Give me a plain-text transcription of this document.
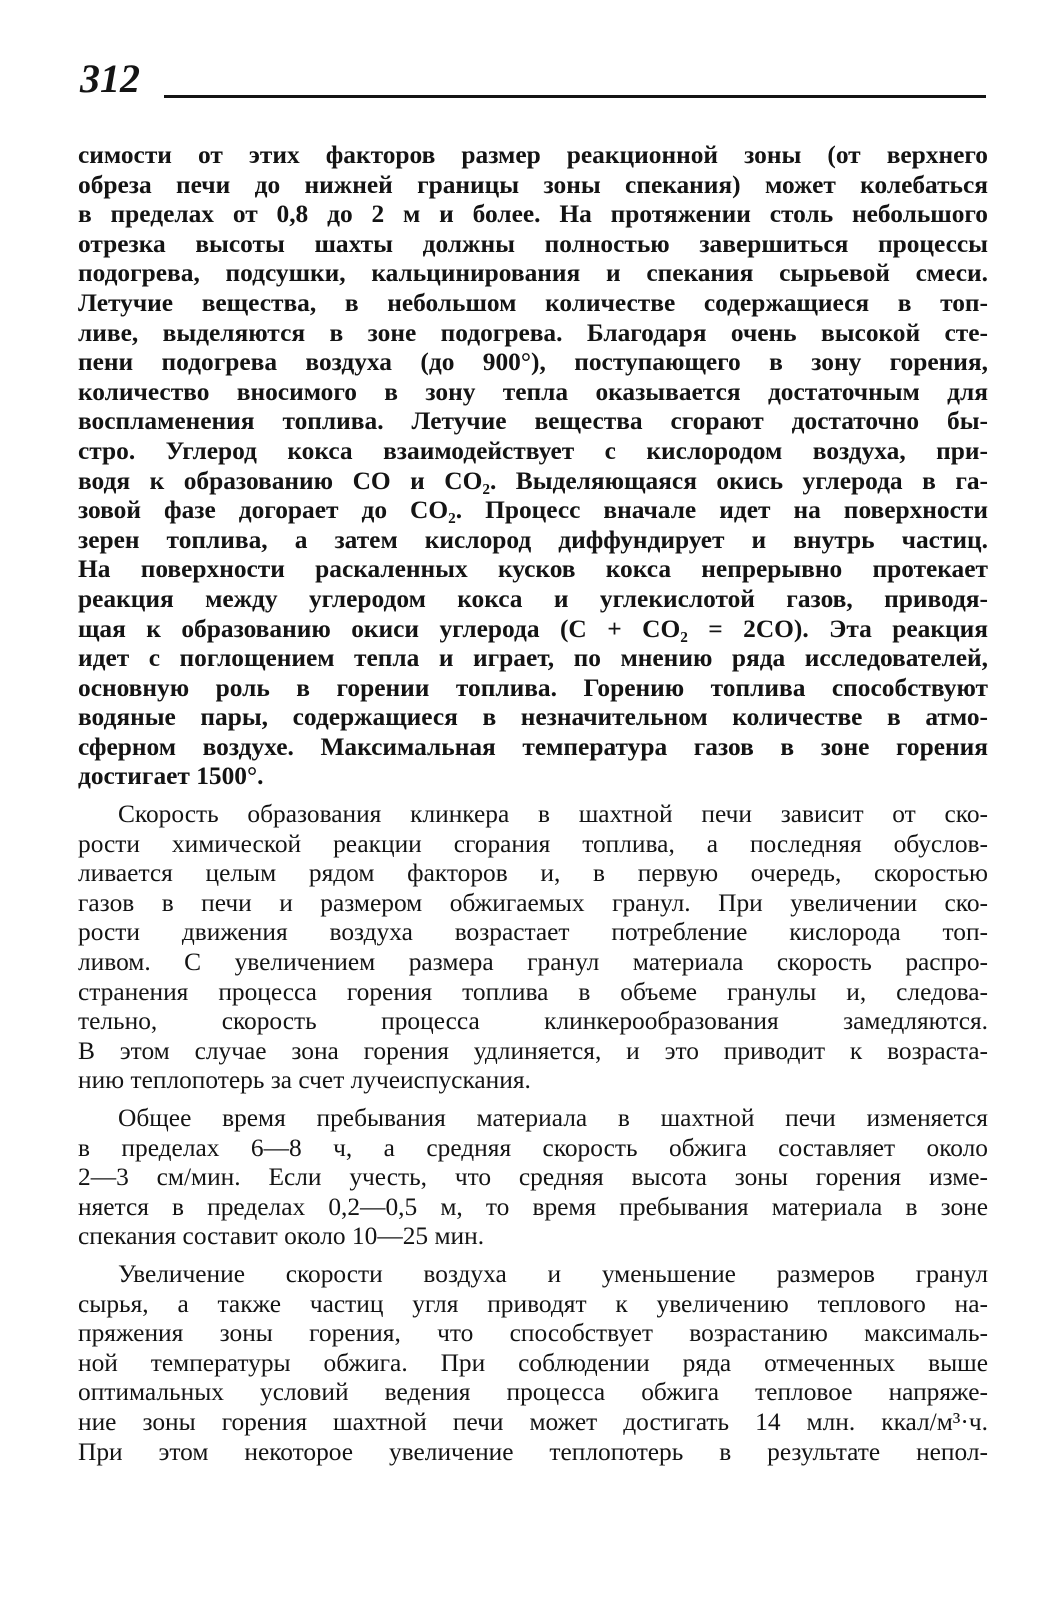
312
симости от этих факторов размер реакционной зоны (от верхнего
обреза печи до нижней границы зоны спекания) может колебаться
в пределах от 0,8 до 2 м и более. На протяжении столь небольшого
отрезка высоты шахты должны полностью завершиться процессы
подогрева, подсушки, кальцинирования и спекания сырьевой смеси.
Летучие вещества, в небольшом количестве содержащиеся в топ-
ливе, выделяются в зоне подогрева. Благодаря очень высокой сте-
пени подогрева воздуха (до 900°), поступающего в зону горения,
количество вносимого в зону тепла оказывается достаточным для
воспламенения топлива. Летучие вещества сгорают достаточно бы-
стро. Углерод кокса взаимодействует с кислородом воздуха, при-
водя к образованию CO и CO₂. Выделяющаяся окись углерода в га-
зовой фазе догорает до CO₂. Процесс вначале идет на поверхности
зерен топлива, а затем кислород диффундирует и внутрь частиц.
На поверхности раскаленных кусков кокса непрерывно протекает
реакция между углеродом кокса и углекислотой газов, приводя-
щая к образованию окиси углерода (C + CO₂ = 2CO). Эта реакция
идет с поглощением тепла и играет, по мнению ряда исследователей,
основную роль в горении топлива. Горению топлива способствуют
водяные пары, содержащиеся в незначительном количестве в атмо-
сферном воздухе. Максимальная температура газов в зоне горения
достигает 1500°.
Скорость образования клинкера в шахтной печи зависит от ско-
рости химической реакции сгорания топлива, а последняя обуслов-
ливается целым рядом факторов и, в первую очередь, скоростью
газов в печи и размером обжигаемых гранул. При увеличении ско-
рости движения воздуха возрастает потребление кислорода топ-
ливом. С увеличением размера гранул материала скорость распро-
странения процесса горения топлива в объеме гранулы и, следова-
тельно, скорость процесса клинкерообразования замедляются.
В этом случае зона горения удлиняется, и это приводит к возраста-
нию теплопотерь за счет лучеиспускания.
Общее время пребывания материала в шахтной печи изменяется
в пределах 6—8 ч, а средняя скорость обжига составляет около
2—3 см/мин. Если учесть, что средняя высота зоны горения изме-
няется в пределах 0,2—0,5 м, то время пребывания материала в зоне
спекания составит около 10—25 мин.
Увеличение скорости воздуха и уменьшение размеров гранул
сырья, а также частиц угля приводят к увеличению теплового на-
пряжения зоны горения, что способствует возрастанию максималь-
ной температуры обжига. При соблюдении ряда отмеченных выше
оптимальных условий ведения процесса обжига тепловое напряже-
ние зоны горения шахтной печи может достигать 14 млн. ккал/м³·ч.
При этом некоторое увеличение теплопотерь в результате непол-
